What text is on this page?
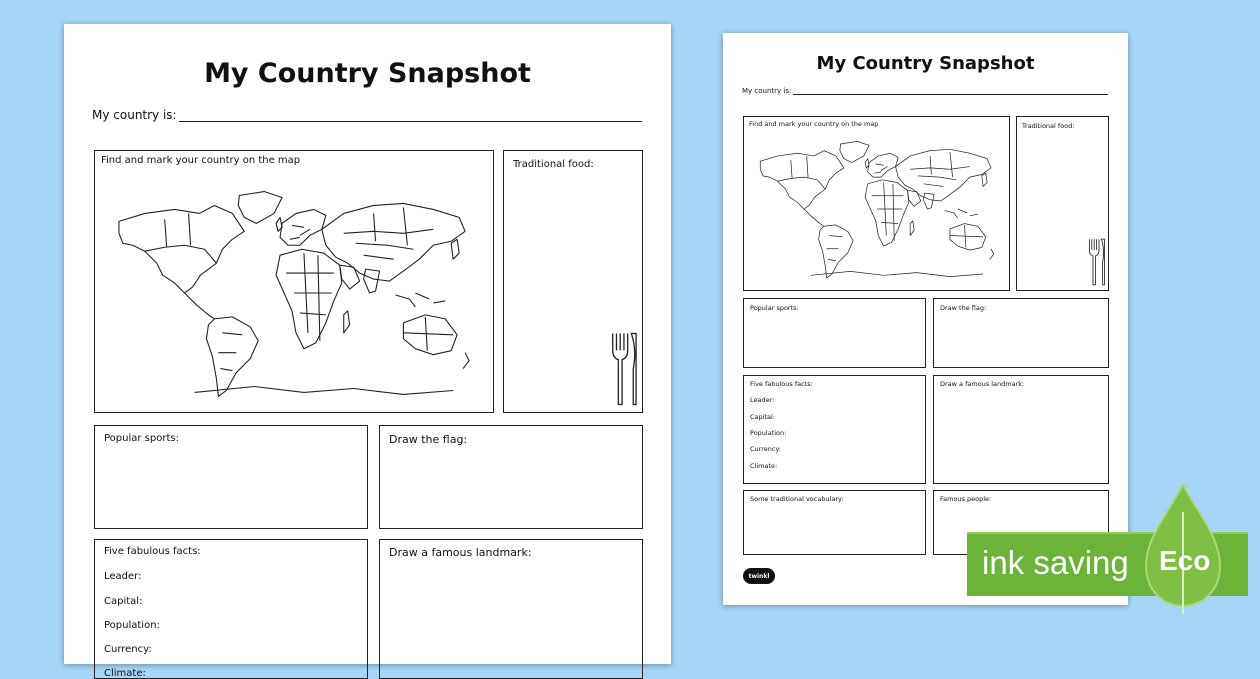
My Country Snapshot
My country is:
Find and mark your country on the map	Traditional food:
Popular sports:	Draw the flag:
Five fabulous facts:
Leader:
Capital:
Population:
Currency:
Climate:
Draw a famous landmark:
My Country Snapshot
My country is:
Find and mark your country on the map	Traditional food:
Popular sports:	Draw the flag:
Five fabulous facts:
Leader:
Capital:
Population:
Currency:
Climate:
Draw a famous landmark:
Some traditional vocabulary:	Famous people:
twinkl	ink saving Eco
